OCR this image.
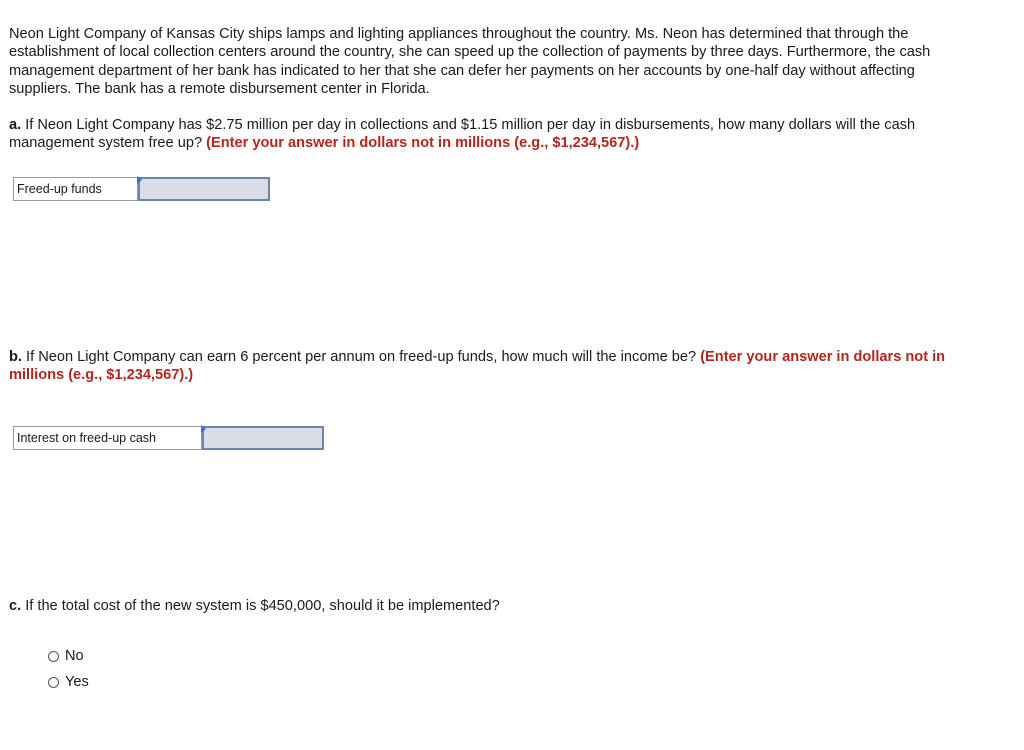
Neon Light Company of Kansas City ships lamps and lighting appliances throughout the country. Ms. Neon has determined that through the establishment of local collection centers around the country, she can speed up the collection of payments by three days. Furthermore, the cash management department of her bank has indicated to her that she can defer her payments on her accounts by one-half day without affecting suppliers. The bank has a remote disbursement center in Florida.

a. If Neon Light Company has $2.75 million per day in collections and $1.15 million per day in disbursements, how many dollars will the cash management system free up? (Enter your answer in dollars not in millions (e.g., $1,234,567).)

Freed-up funds

b. If Neon Light Company can earn 6 percent per annum on freed-up funds, how much will the income be? (Enter your answer in dollars not in millions (e.g., $1,234,567).)

Interest on freed-up cash

c. If the total cost of the new system is $450,000, should it be implemented?

No
Yes
